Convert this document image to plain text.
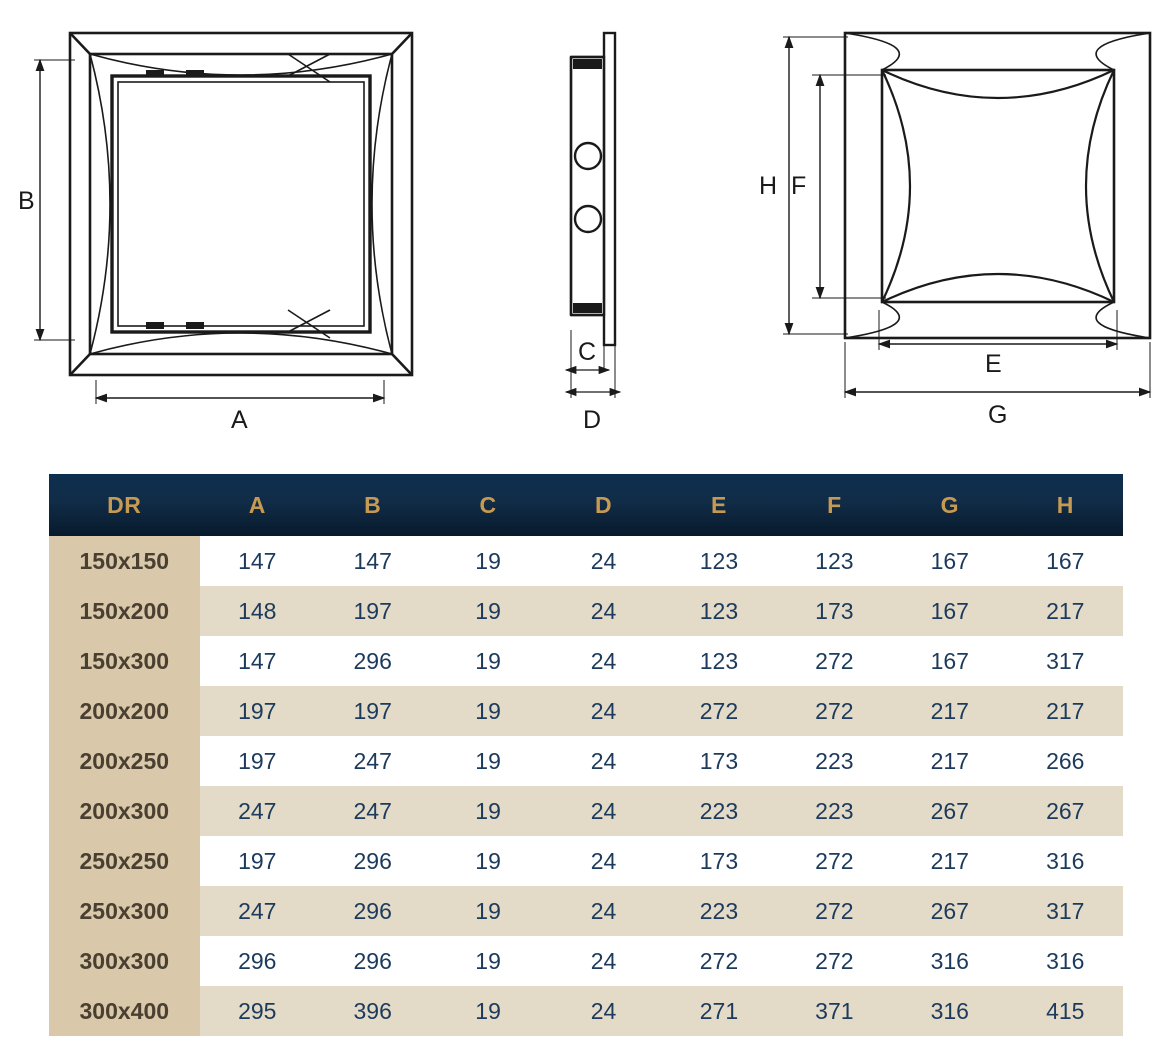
B
A
C
D
H F
E
G
DR	A	B	C	D	E	F	G	H
150x150	147	147	19	24	123	123	167	167
150x200	148	197	19	24	123	173	167	217
150x300	147	296	19	24	123	272	167	317
200x200	197	197	19	24	272	272	217	217
200x250	197	247	19	24	173	223	217	266
200x300	247	247	19	24	223	223	267	267
250x250	197	296	19	24	173	272	217	316
250x300	247	296	19	24	223	272	267	317
300x300	296	296	19	24	272	272	316	316
300x400	295	396	19	24	271	371	316	415
